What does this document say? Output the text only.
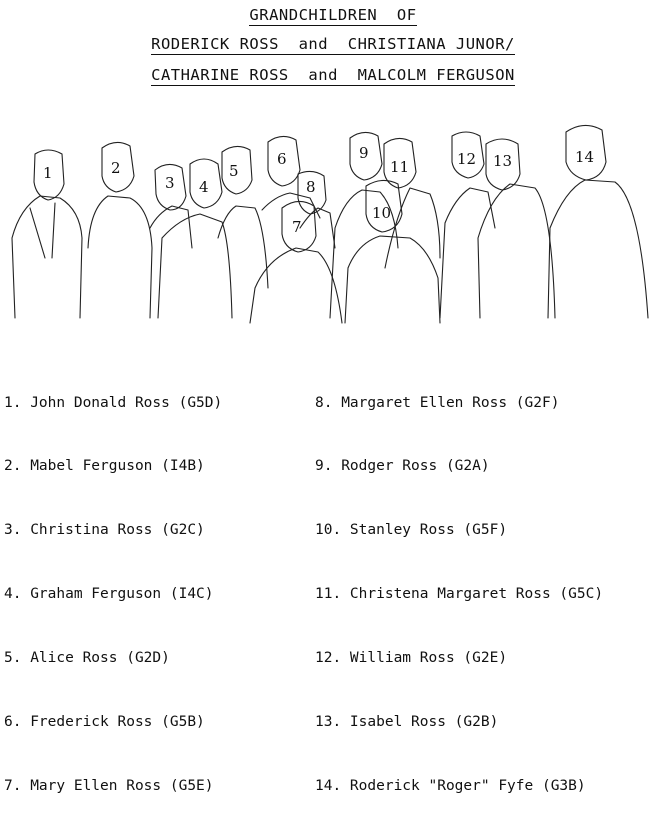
GRANDCHILDREN  OF
RODERICK ROSS  and  CHRISTIANA JUNOR/
CATHARINE ROSS  and  MALCOLM FERGUSON
1	2
3 4
5
6
7
8
9
10
11	12 13	14

1. John Donald Ross (G5D)

2. Mabel Ferguson (I4B)

3. Christina Ross (G2C)

4. Graham Ferguson (I4C)

5. Alice Ross (G2D)

6. Frederick Ross (G5B)

7. Mary Ellen Ross (G5E)

8. Margaret Ellen Ross (G2F)

9. Rodger Ross (G2A)

10. Stanley Ross (G5F)

11. Christena Margaret Ross (G5C)

12. William Ross (G2E)

13. Isabel Ross (G2B)

14. Roderick "Roger" Fyfe (G3B)
